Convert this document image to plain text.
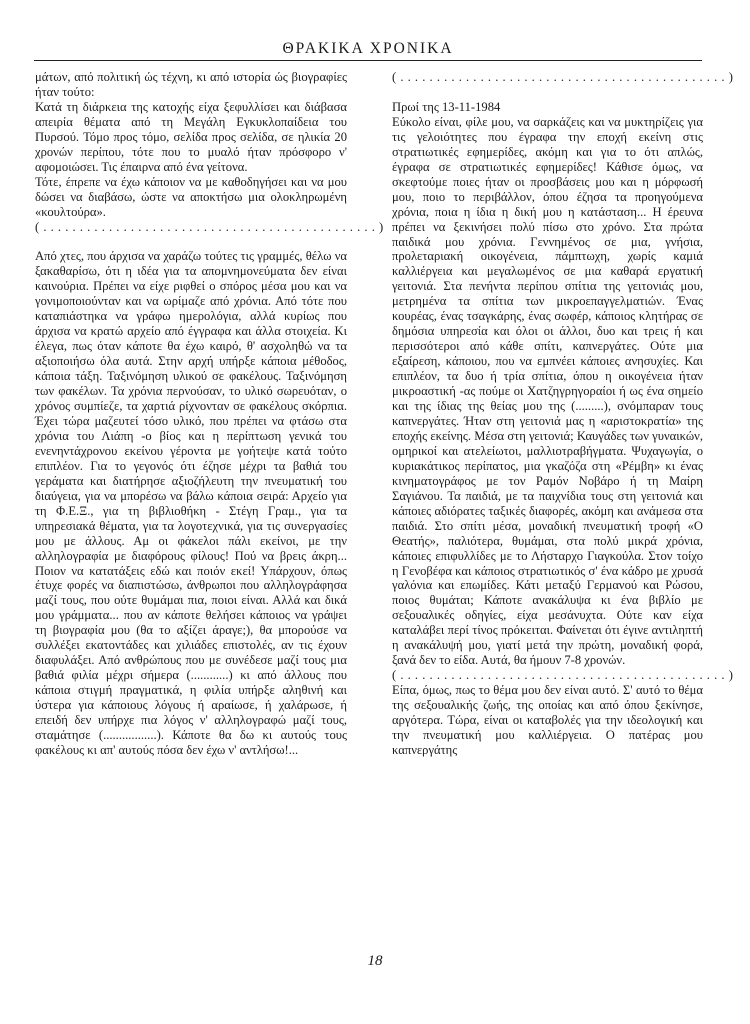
ΘΡΑΚΙΚΑ ΧΡΟΝΙΚΑ

μάτων, από πολιτική ώς τέχνη, κι από ιστορία ώς βιογραφίες ήταν τούτο:

Κατά τη διάρκεια της κατοχής είχα ξεφυλλίσει και διάβασα απειρία θέματα από τη Μεγάλη Εγκυκλοπαίδεια του Πυρσού. Τόμο προς τόμο, σελίδα προς σελίδα, σε ηλικία 20 χρονών περίπου, τότε που το μυαλό ήταν πρόσφορο ν' αφομοιώσει. Τις έπαιρνα από ένα γείτονα.

Τότε, έπρεπε να έχω κάποιον να με καθοδηγήσει και να μου δώσει να διαβάσω, ώστε να αποκτήσω μια ολοκληρωμένη «κουλτούρα».

( . . . . . . . . . . . . . . . . . . . . . . . . . . . . . . . . . . . . . . . . . . . . . . )

Από χτες, που άρχισα να χαράζω τούτες τις γραμμές, θέλω να ξακαθαρίσω, ότι η ιδέα για τα απομνημονεύματα δεν είναι καινούρια. Πρέπει να είχε ριφθεί ο σπόρος μέσα μου και να γονιμοποιούνταν και να ωρίμαζε από χρόνια. Από τότε που καταπιάστηκα να γράφω ημερολόγια, αλλά κυρίως που άρχισα να κρατώ αρχείο από έγγραφα και άλλα στοιχεία. Κι έλεγα, πως όταν κάποτε θα έχω καιρό, θ' ασχοληθώ να τα αξιοποιήσω όλα αυτά. Στην αρχή υπήρξε κάποια μέθοδος, κάποια τάξη. Ταξινόμηση υλικού σε φακέλους. Ταξινόμηση των φακέλων. Τα χρόνια περνούσαν, το υλικό σωρευόταν, ο χρόνος συμπίεζε, τα χαρτιά ρίχνονταν σε φακέλους σκόρπια. Έχει τώρα μαζευτεί τόσο υλικό, που πρέπει να φτάσω στα χρόνια του Λιάπη -ο βίος και η περίπτωση γενικά του ενενηντάχρονου εκείνου γέροντα με γοήτεψε κατά τούτο επιπλέον. Για το γεγονός ότι έζησε μέχρι τα βαθιά του γεράματα και διατήρησε αξιοζήλευτη την πνευματική του διαύγεια, για να μπορέσω να βάλω κάποια σειρά: Αρχείο για τη Φ.Ε.Ξ., για τη βιβλιοθήκη - Στέγη Γραμ., για τα υπηρεσιακά θέματα, για τα λογοτεχνικά, για τις συνεργασίες μου με άλλους. Αμ οι φάκελοι πάλι εκείνοι, με την αλληλογραφία με διαφόρους φίλους! Πού να βρεις άκρη... Ποιον να κατατάξεις εδώ και ποιόν εκεί! Υπάρχουν, όπως έτυχε φορές να διαπιστώσω, άνθρωποι που αλληλογράφησα μαζί τους, που ούτε θυμάμαι πια, ποιοι είναι. Αλλά και δικά μου γράμματα... που αν κάποτε θελήσει κάποιος να γράψει τη βιογραφία μου (θα το αξίζει άραγε;), θα μπορούσε να συλλέξει εκατοντάδες και χιλιάδες επιστολές, αν τις έχουν διαφυλάξει. Από ανθρώπους που με συνέδεσε μαζί τους μια βαθιά φιλία μέχρι σήμερα (............) κι από άλλους που κάποια στιγμή πραγματικά, η φιλία υπήρξε αληθινή και ύστερα για κάποιους λόγους ή αραίωσε, ή χαλάρωσε, ή επειδή δεν υπήρχε πια λόγος ν' αλληλογραφώ μαζί τους, σταμάτησε (.................). Κάποτε θα δω κι αυτούς τους φακέλους κι απ' αυτούς πόσα δεν έχω ν' αντλήσω!...

( . . . . . . . . . . . . . . . . . . . . . . . . . . . . . . . . . . . . . . . . . . . . . )

Πρωί της 13-11-1984

Εύκολο είναι, φίλε μου, να σαρκάζεις και να μυκτηρίζεις για τις γελοιότητες που έγραφα την εποχή εκείνη στις στρατιωτικές εφημερίδες, ακόμη και για το ότι απλώς, έγραφα σε στρατιωτικές εφημερίδες! Κάθισε όμως, να σκεφτούμε ποιες ήταν οι προσβάσεις μου και η μόρφωσή μου, ποιο το περιβάλλον, όπου έζησα τα προηγούμενα χρόνια, ποια η ίδια η δική μου η κατάσταση... Η έρευνα πρέπει να ξεκινήσει πολύ πίσω στο χρόνο. Στα πρώτα παιδικά μου χρόνια. Γεννημένος σε μια, γνήσια, προλεταριακή οικογένεια, πάμπτωχη, χωρίς καμιά καλλιέργεια και μεγαλωμένος σε μια καθαρά εργατική γειτονιά. Στα πενήντα περίπου σπίτια της γειτονιάς μου, μετρημένα τα σπίτια των μικροεπαγγελματιών. Ένας κουρέας, ένας τσαγκάρης, ένας σωφέρ, κάποιος κλητήρας σε δημόσια υπηρεσία και όλοι οι άλλοι, δυο και τρεις ή και περισσότεροι από κάθε σπίτι, καπνεργάτες. Ούτε μια εξαίρεση, κάποιου, που να εμπνέει κάποιες ανησυχίες. Και επιπλέον, τα δυο ή τρία σπίτια, όπου η οικογένεια ήταν μικροαστική -ας πούμε οι Χατζηγρηγοραίοι ή ως ένα σημείο και της ίδιας της θείας μου της (.........), σνόμπαραν τους καπνεργάτες. Ήταν στη γειτονιά μας η «αριστοκρατία» της εποχής εκείνης. Μέσα στη γειτονιά; Καυγάδες των γυναικών, ομηρικοί και ατελείωτοι, μαλλιοτραβήγματα. Ψυχαγωγία, ο κυριακάτικος περίπατος, μια γκαζόζα στη «Ρέμβη» κι ένας κινηματογράφος με τον Ραμόν Νοβάρο ή τη Μαίρη Σαγιάνου. Τα παιδιά, με τα παιχνίδια τους στη γειτονιά και κάποιες αδιόρατες ταξικές διαφορές, ακόμη και ανάμεσα στα παιδιά. Στο σπίτι μέσα, μοναδική πνευματική τροφή «Ο Θεατής», παλιότερα, θυμάμαι, στα πολύ μικρά χρόνια, κάποιες επιφυλλίδες με το Λήσταρχο Γιαγκούλα. Στον τοίχο η Γενοβέφα και κάποιος στρατιωτικός σ' ένα κάδρο με χρυσά γαλόνια και επωμίδες. Κάτι μεταξύ Γερμανού και Ρώσου, ποιος θυμάται; Κάποτε ανακάλυψα κι ένα βιβλίο με σεξουαλικές οδηγίες, είχα μεσάνυχτα. Ούτε καν είχα καταλάβει περί τίνος πρόκειται. Φαίνεται ότι έγινε αντιληπτή η ανακάλυψή μου, γιατί μετά την πρώτη, μοναδική φορά, ξανά δεν το είδα. Αυτά, θα ήμουν 7-8 χρονών.

( . . . . . . . . . . . . . . . . . . . . . . . . . . . . . . . . . . . . . . . . . . . . . )

Είπα, όμως, πως το θέμα μου δεν είναι αυτό. Σ' αυτό το θέμα της σεξουαλικής ζωής, της οποίας και από όπου ξεκίνησε, αργότερα. Τώρα, είναι οι καταβολές για την ιδεολογική και την πνευματική μου καλλιέργεια. Ο πατέρας μου καπνεργάτης

18
